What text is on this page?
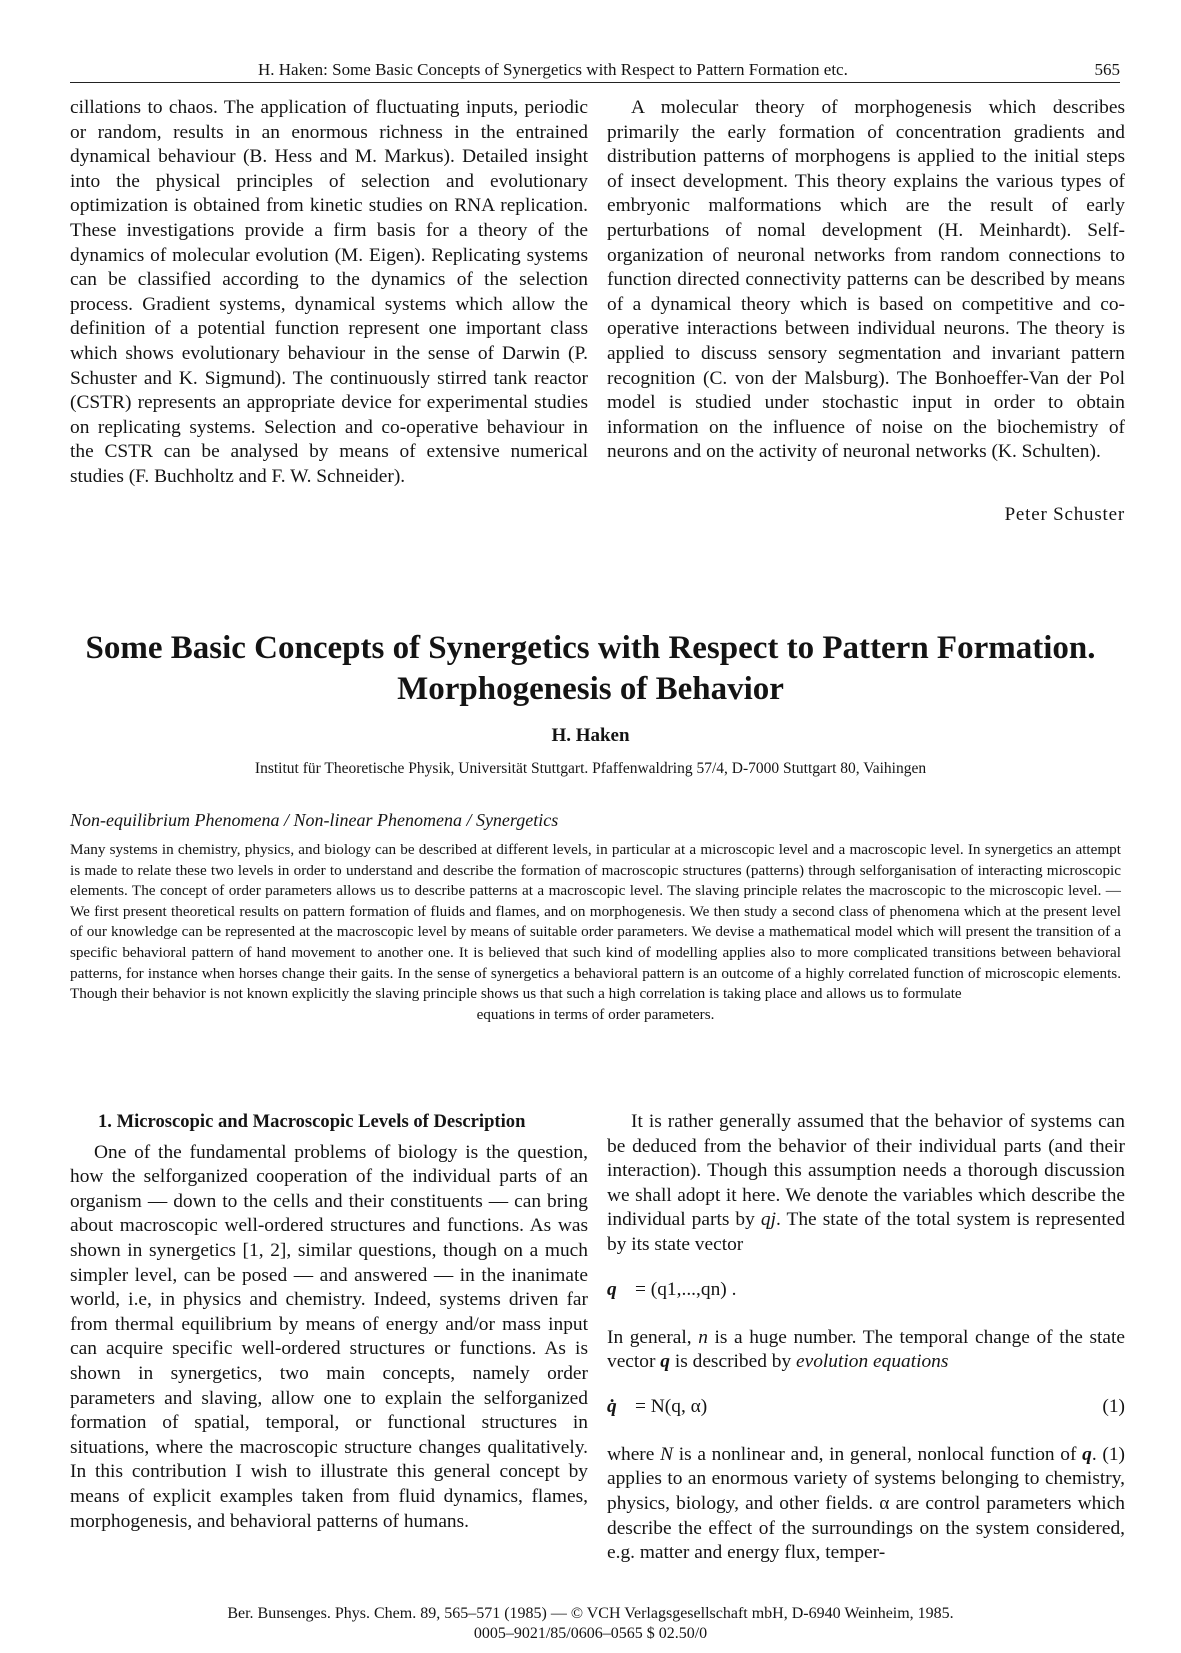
H. Haken: Some Basic Concepts of Synergetics with Respect to Pattern Formation etc.	565

cillations to chaos. The application of fluctuating inputs, periodic or random, results in an enormous richness in the entrained dynamical behaviour (B. Hess and M. Markus). Detailed insight into the physical principles of selection and evolutionary optimization is obtained from kinetic studies on RNA replication. These investigations provide a firm basis for a theory of the dynamics of molecular evolution (M. Eigen). Replicating systems can be classified according to the dynamics of the selection process. Gradient systems, dynamical systems which allow the definition of a potential function represent one important class which shows evolutionary behaviour in the sense of Darwin (P. Schuster and K. Sigmund). The continuously stirred tank reactor (CSTR) represents an appropriate device for experimental studies on replicating systems. Selection and co-operative behaviour in the CSTR can be analysed by means of extensive numerical studies (F. Buchholtz and F. W. Schneider).

A molecular theory of morphogenesis which describes primarily the early formation of concentration gradients and distribution patterns of morphogens is applied to the initial steps of insect development. This theory explains the various types of embryonic malformations which are the result of early perturbations of nomal development (H. Meinhardt). Self-organization of neuronal networks from random connections to function directed connectivity patterns can be described by means of a dynamical theory which is based on competitive and co-operative interactions between individual neurons. The theory is applied to discuss sensory segmentation and invariant pattern recognition (C. von der Malsburg). The Bonhoeffer-Van der Pol model is studied under stochastic input in order to obtain information on the influence of noise on the biochemistry of neurons and on the activity of neuronal networks (K. Schulten).

Peter Schuster
Some Basic Concepts of Synergetics with Respect to Pattern Formation.
Morphogenesis of Behavior
H. Haken
Institut für Theoretische Physik, Universität Stuttgart. Pfaffenwaldring 57/4, D-7000 Stuttgart 80, Vaihingen
Non-equilibrium Phenomena / Non-linear Phenomena / Synergetics
Many systems in chemistry, physics, and biology can be described at different levels, in particular at a microscopic level and a macroscopic level. In synergetics an attempt is made to relate these two levels in order to understand and describe the formation of macroscopic structures (patterns) through selforganisation of interacting microscopic elements. The concept of order parameters allows us to describe patterns at a macroscopic level. The slaving principle relates the macroscopic to the microscopic level. — We first present theoretical results on pattern formation of fluids and flames, and on morphogenesis. We then study a second class of phenomena which at the present level of our knowledge can be represented at the macroscopic level by means of suitable order parameters. We devise a mathematical model which will present the transition of a specific behavioral pattern of hand movement to another one. It is believed that such kind of modelling applies also to more complicated transitions between behavioral patterns, for instance when horses change their gaits. In the sense of synergetics a behavioral pattern is an outcome of a highly correlated function of microscopic elements. Though their behavior is not known explicitly the slaving principle shows us that such a high correlation is taking place and allows us to formulate
equations in terms of order parameters.
1. Microscopic and Macroscopic Levels of Description

One of the fundamental problems of biology is the question, how the selforganized cooperation of the individual parts of an organism — down to the cells and their constituents — can bring about macroscopic well-ordered structures and functions. As was shown in synergetics [1, 2], similar questions, though on a much simpler level, can be posed — and answered — in the inanimate world, i.e, in physics and chemistry. Indeed, systems driven far from thermal equilibrium by means of energy and/or mass input can acquire specific well-ordered structures or functions. As is shown in synergetics, two main concepts, namely order parameters and slaving, allow one to explain the selforganized formation of spatial, temporal, or functional structures in situations, where the macroscopic structure changes qualitatively. In this contribution I wish to illustrate this general concept by means of explicit examples taken from fluid dynamics, flames, morphogenesis, and behavioral patterns of humans.

It is rather generally assumed that the behavior of systems can be deduced from the behavior of their individual parts (and their interaction). Though this assumption needs a thorough discussion we shall adopt it here. We denote the variables which describe the individual parts by qj. The state of the total system is represented by its state vector

q = (q1,...,qn) .

In general, n is a huge number. The temporal change of the state vector q is described by evolution equations

q̇ = N(q, α)	(1)

where N is a nonlinear and, in general, nonlocal function of q. (1) applies to an enormous variety of systems belonging to chemistry, physics, biology, and other fields. α are control parameters which describe the effect of the surroundings on the system considered, e.g. matter and energy flux, temper-

Ber. Bunsenges. Phys. Chem. 89, 565–571 (1985) — © VCH Verlagsgesellschaft mbH, D-6940 Weinheim, 1985.
0005–9021/85/0606–0565 $ 02.50/0
